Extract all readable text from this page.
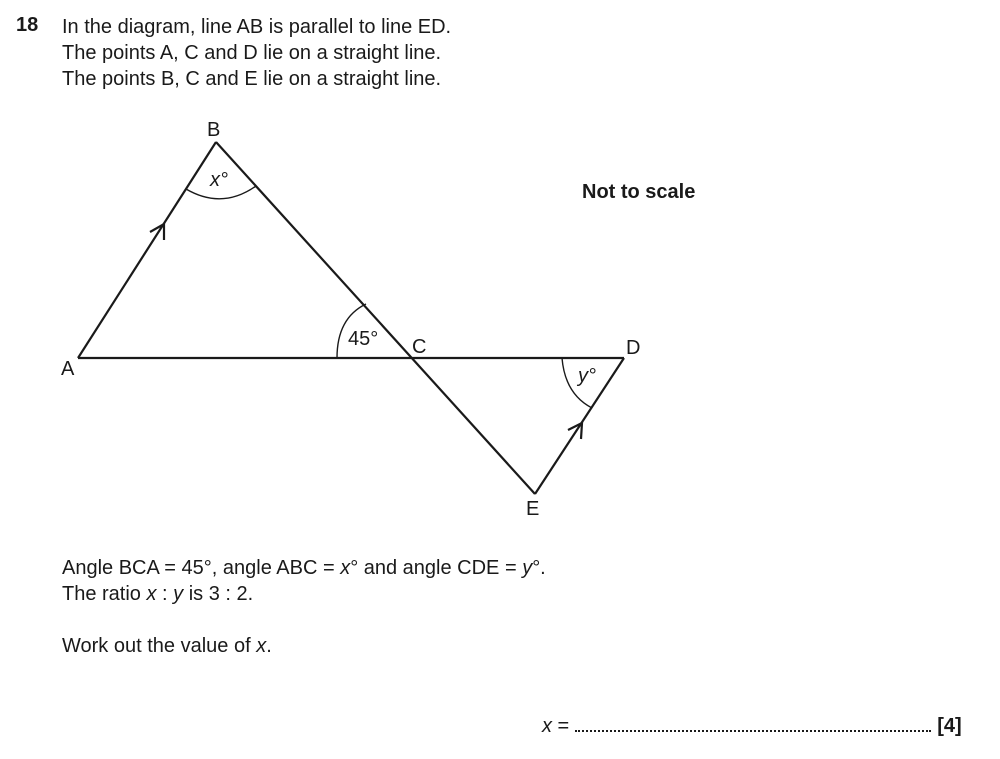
18 In the diagram, line AB is parallel to line ED.
The points A, C and D lie on a straight line.
The points B, C and E lie on a straight line.
Not to scale
B
A
C	D
E
x°
45°
y°
Angle BCA = 45°, angle ABC = x° and angle CDE = y°.
The ratio x : y is 3 : 2.
Work out the value of x.
x =	[4]
